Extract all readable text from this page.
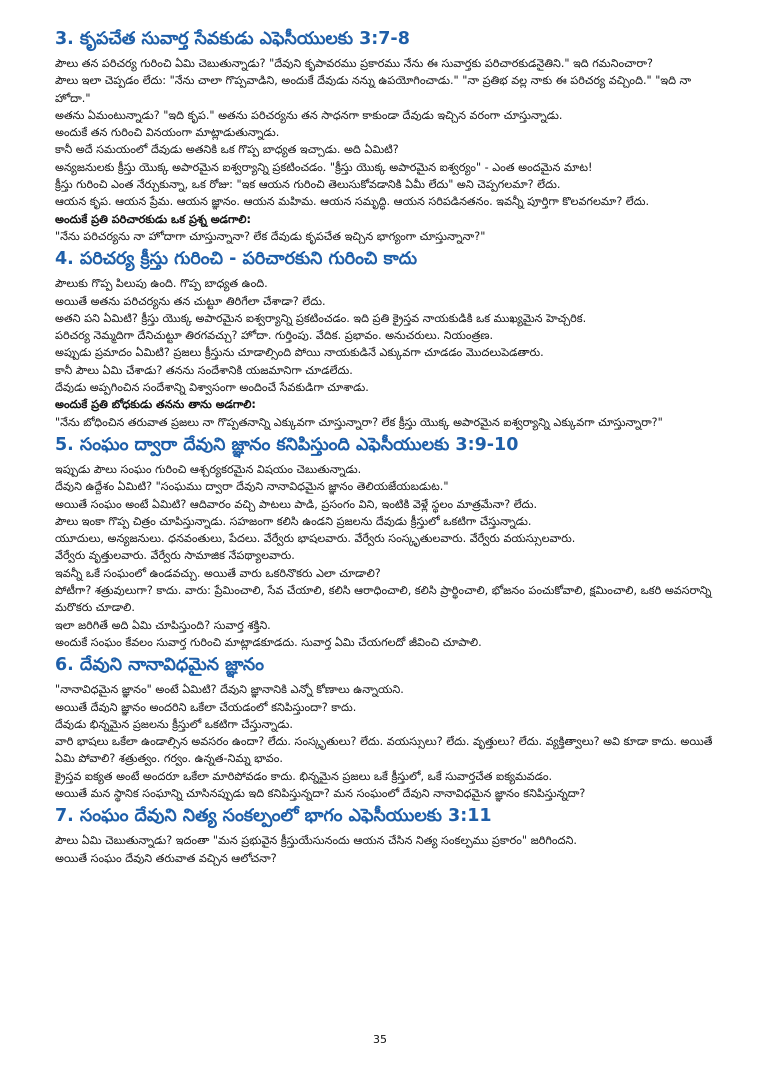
3. కృపచేత సువార్త సేవకుడు ఎఫెసీయులకు 3:7-8

పౌలు తన పరిచర్య గురించి ఏమి చెబుతున్నాడు? "దేవుని కృపావరము ప్రకారము నేను ఈ సువార్తకు పరిచారకుడనైతిని." ఇది గమనించారా?

పౌలు ఇలా చెప్పడం లేదు: "నేను చాలా గొప్పవాడిని, అందుకే దేవుడు నన్ను ఉపయోగించాడు." "నా ప్రతిభ వల్ల నాకు ఈ పరిచర్య వచ్చింది." "ఇది నా హోదా."

అతను ఏమంటున్నాడు? "ఇది కృప." అతను పరిచర్యను తన సాధనగా కాకుండా దేవుడు ఇచ్చిన వరంగా చూస్తున్నాడు.

అందుకే తన గురించి వినయంగా మాట్లాడుతున్నాడు.

కానీ అదే సమయంలో దేవుడు అతనికి ఒక గొప్ప బాధ్యత ఇచ్చాడు. అది ఏమిటి?

అన్యజనులకు క్రీస్తు యొక్క అపారమైన ఐశ్వర్యాన్ని ప్రకటించడం. "క్రీస్తు యొక్క అపారమైన ఐశ్వర్యం" - ఎంత అందమైన మాట!

క్రీస్తు గురించి ఎంత నేర్చుకున్నా, ఒక రోజు: "ఇక ఆయన గురించి తెలుసుకోవడానికి ఏమీ లేదు" అని చెప్పగలమా? లేదు.

ఆయన కృప. ఆయన ప్రేమ. ఆయన జ్ఞానం. ఆయన మహిమ. ఆయన సమృద్ధి. ఆయన సరిపడినతనం. ఇవన్నీ పూర్తిగా కొలవగలమా? లేదు.

అందుకే ప్రతి పరిచారకుడు ఒక ప్రశ్న అడగాలి:

"నేను పరిచర్యను నా హోదాగా చూస్తున్నానా? లేక దేవుడు కృపచేత ఇచ్చిన భాగ్యంగా చూస్తున్నానా?"

4. పరిచర్య క్రీస్తు గురించి - పరిచారకుని గురించి కాదు

పౌలుకు గొప్ప పిలుపు ఉంది. గొప్ప బాధ్యత ఉంది.

అయితే అతను పరిచర్యను తన చుట్టూ తిరిగేలా చేశాడా? లేదు.

అతని పని ఏమిటి? క్రీస్తు యొక్క అపారమైన ఐశ్వర్యాన్ని ప్రకటించడం. ఇది ప్రతి క్రైస్తవ నాయకుడికి ఒక ముఖ్యమైన హెచ్చరిక.

పరిచర్య నెమ్మదిగా దేనిచుట్టూ తిరగవచ్చు? హోదా. గుర్తింపు. వేదిక. ప్రభావం. అనుచరులు. నియంత్రణ.

అప్పుడు ప్రమాదం ఏమిటి? ప్రజలు క్రీస్తును చూడాల్సింది పోయి నాయకుడినే ఎక్కువగా చూడడం మొదలుపెడతారు.

కానీ పౌలు ఏమి చేశాడు? తనను సందేశానికి యజమానిగా చూడలేదు.

దేవుడు అప్పగించిన సందేశాన్ని విశ్వాసంగా అందించే సేవకుడిగా చూశాడు.

అందుకే ప్రతి బోధకుడు తనను తాను అడగాలి:

"నేను బోధించిన తరువాత ప్రజలు నా గొప్పతనాన్ని ఎక్కువగా చూస్తున్నారా? లేక క్రీస్తు యొక్క అపారమైన ఐశ్వర్యాన్ని ఎక్కువగా చూస్తున్నారా?"

5. సంఘం ద్వారా దేవుని జ్ఞానం కనిపిస్తుంది ఎఫెసీయులకు 3:9-10

ఇప్పుడు పౌలు సంఘం గురించి ఆశ్చర్యకరమైన విషయం చెబుతున్నాడు.

దేవుని ఉద్దేశం ఏమిటి? "సంఘము ద్వారా దేవుని నానావిధమైన జ్ఞానం తెలియజేయబడుట."

అయితే సంఘం అంటే ఏమిటి? ఆదివారం వచ్చి పాటలు పాడి, ప్రసంగం విని, ఇంటికి వెళ్లే స్థలం మాత్రమేనా? లేదు.

పౌలు ఇంకా గొప్ప చిత్రం చూపిస్తున్నాడు. సహజంగా కలిసి ఉండని ప్రజలను దేవుడు క్రీస్తులో ఒకటిగా చేస్తున్నాడు.

యూదులు, అన్యజనులు. ధనవంతులు, పేదలు. వేర్వేరు భాషలవారు. వేర్వేరు సంస్కృతులవారు. వేర్వేరు వయస్సులవారు.

వేర్వేరు వృత్తులవారు. వేర్వేరు సామాజిక నేపథ్యాలవారు.

ఇవన్నీ ఒకే సంఘంలో ఉండవచ్చు. అయితే వారు ఒకరినొకరు ఎలా చూడాలి?

పోటీగా? శత్రువులుగా? కాదు. వారు: ప్రేమించాలి, సేవ చేయాలి, కలిసి ఆరాధించాలి, కలిసి ప్రార్థించాలి, భోజనం పంచుకోవాలి, క్షమించాలి, ఒకరి అవసరాన్ని మరొకరు చూడాలి.

ఇలా జరిగితే అది ఏమి చూపిస్తుంది? సువార్త శక్తిని.

అందుకే సంఘం కేవలం సువార్త గురించి మాట్లాడకూడదు. సువార్త ఏమి చేయగలదో జీవించి చూపాలి.

6. దేవుని నానావిధమైన జ్ఞానం

"నానావిధమైన జ్ఞానం" అంటే ఏమిటి? దేవుని జ్ఞానానికి ఎన్నో కోణాలు ఉన్నాయని.

అయితే దేవుని జ్ఞానం అందరిని ఒకేలా చేయడంలో కనిపిస్తుందా? కాదు.

దేవుడు భిన్నమైన ప్రజలను క్రీస్తులో ఒకటిగా చేస్తున్నాడు.

వారి భాషలు ఒకేలా ఉండాల్సిన అవసరం ఉందా? లేదు. సంస్కృతులు? లేదు. వయస్సులు? లేదు. వృత్తులు? లేదు. వ్యక్తిత్వాలు? అవి కూడా కాదు. అయితే ఏమి పోవాలి? శత్రుత్వం. గర్వం. ఉన్నత-నిమ్న భావం.

క్రైస్తవ ఐక్యత అంటే అందరూ ఒకేలా మారిపోవడం కాదు. భిన్నమైన ప్రజలు ఒకే క్రీస్తులో, ఒకే సువార్తచేత ఐక్యమవడం.

అయితే మన స్థానిక సంఘాన్ని చూసినప్పుడు ఇది కనిపిస్తున్నదా? మన సంఘంలో దేవుని నానావిధమైన జ్ఞానం కనిపిస్తున్నదా?

7. సంఘం దేవుని నిత్య సంకల్పంలో భాగం ఎఫెసీయులకు 3:11

పౌలు ఏమి చెబుతున్నాడు? ఇదంతా "మన ప్రభువైన క్రీస్తుయేసునందు ఆయన చేసిన నిత్య సంకల్పము ప్రకారం" జరిగిందని.

అయితే సంఘం దేవుని తరువాత వచ్చిన ఆలోచనా?

35
